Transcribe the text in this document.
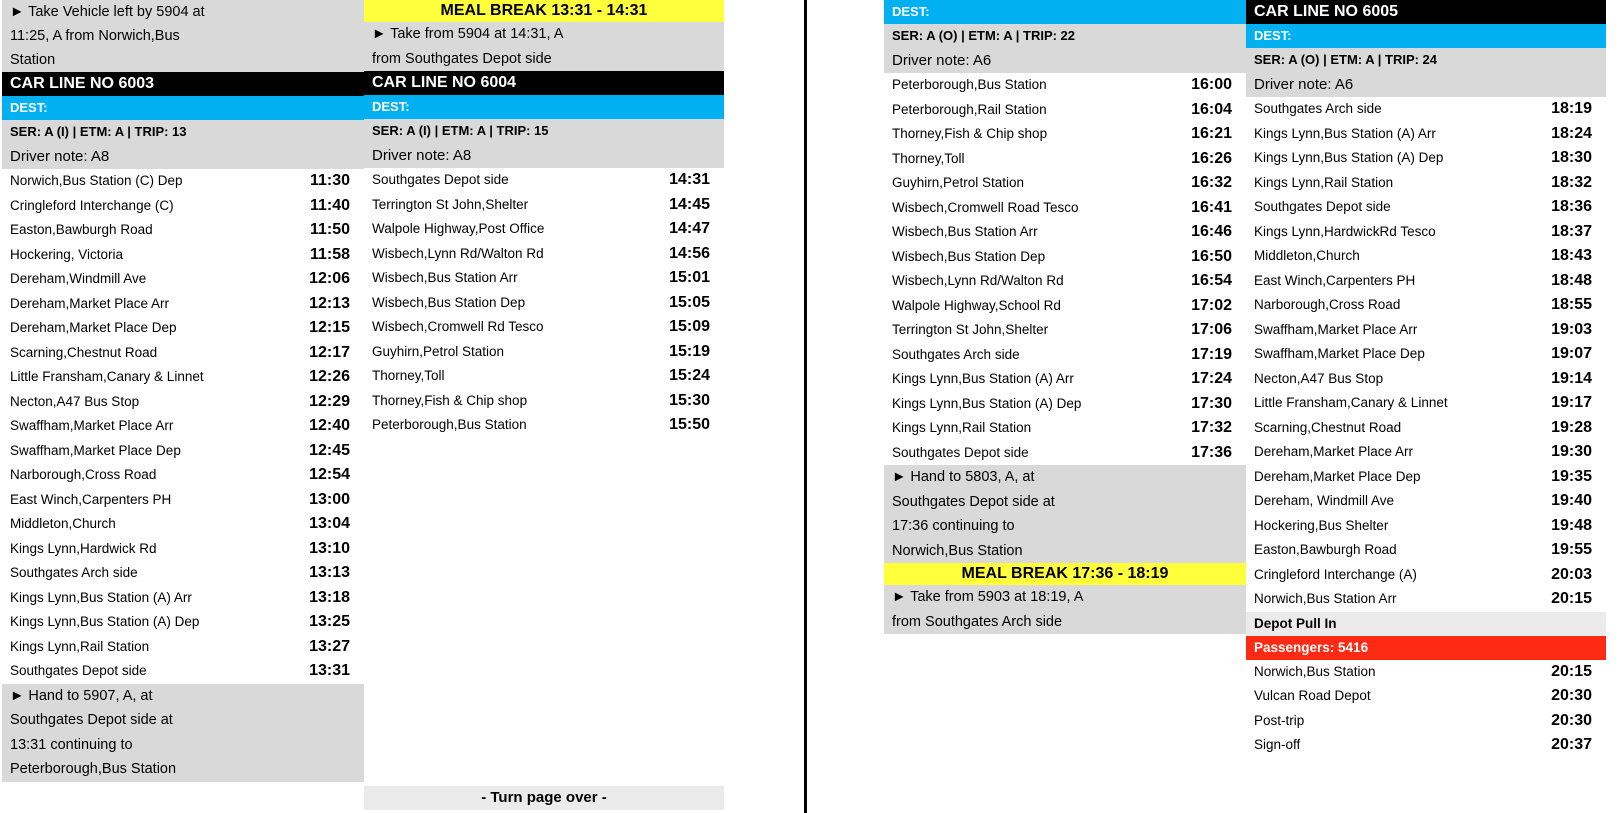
► Take Vehicle left by 5904 at
11:25, A from Norwich,Bus
Station
CAR LINE NO 6003
DEST:
SER: A (I) | ETM: A | TRIP: 13
Driver note: A8
Norwich,Bus Station (C) Dep	11:30
Cringleford Interchange (C)	11:40
Easton,Bawburgh Road	11:50
Hockering, Victoria	11:58
Dereham,Windmill Ave	12:06
Dereham,Market Place Arr	12:13
Dereham,Market Place Dep	12:15
Scarning,Chestnut Road	12:17
Little Fransham,Canary & Linnet	12:26
Necton,A47 Bus Stop	12:29
Swaffham,Market Place Arr	12:40
Swaffham,Market Place Dep	12:45
Narborough,Cross Road	12:54
East Winch,Carpenters PH	13:00
Middleton,Church	13:04
Kings Lynn,Hardwick Rd	13:10
Southgates Arch side	13:13
Kings Lynn,Bus Station (A) Arr	13:18
Kings Lynn,Bus Station (A) Dep	13:25
Kings Lynn,Rail Station	13:27
Southgates Depot side	13:31
► Hand to 5907, A, at
Southgates Depot side at
13:31 continuing to
Peterborough,Bus Station
MEAL BREAK 13:31 - 14:31
► Take from 5904 at 14:31, A
from Southgates Depot side
CAR LINE NO 6004
DEST:
SER: A (I) | ETM: A | TRIP: 15
Driver note: A8
Southgates Depot side	14:31
Terrington St John,Shelter	14:45
Walpole Highway,Post Office	14:47
Wisbech,Lynn Rd/Walton Rd	14:56
Wisbech,Bus Station Arr	15:01
Wisbech,Bus Station Dep	15:05
Wisbech,Cromwell Rd Tesco	15:09
Guyhirn,Petrol Station	15:19
Thorney,Toll	15:24
Thorney,Fish & Chip shop	15:30
Peterborough,Bus Station	15:50
- Turn page over -
DEST:
SER: A (O) | ETM: A | TRIP: 22
Driver note: A6
Peterborough,Bus Station	16:00
Peterborough,Rail Station	16:04
Thorney,Fish & Chip shop	16:21
Thorney,Toll	16:26
Guyhirn,Petrol Station	16:32
Wisbech,Cromwell Road Tesco	16:41
Wisbech,Bus Station Arr	16:46
Wisbech,Bus Station Dep	16:50
Wisbech,Lynn Rd/Walton Rd	16:54
Walpole Highway,School Rd	17:02
Terrington St John,Shelter	17:06
Southgates Arch side	17:19
Kings Lynn,Bus Station (A) Arr	17:24
Kings Lynn,Bus Station (A) Dep	17:30
Kings Lynn,Rail Station	17:32
Southgates Depot side	17:36
► Hand to 5803, A, at
Southgates Depot side at
17:36 continuing to
Norwich,Bus Station
MEAL BREAK 17:36 - 18:19
► Take from 5903 at 18:19, A
from Southgates Arch side
CAR LINE NO 6005
DEST:
SER: A (O) | ETM: A | TRIP: 24
Driver note: A6
Southgates Arch side	18:19
Kings Lynn,Bus Station (A) Arr	18:24
Kings Lynn,Bus Station (A) Dep	18:30
Kings Lynn,Rail Station	18:32
Southgates Depot side	18:36
Kings Lynn,HardwickRd Tesco	18:37
Middleton,Church	18:43
East Winch,Carpenters PH	18:48
Narborough,Cross Road	18:55
Swaffham,Market Place Arr	19:03
Swaffham,Market Place Dep	19:07
Necton,A47 Bus Stop	19:14
Little Fransham,Canary & Linnet	19:17
Scarning,Chestnut Road	19:28
Dereham,Market Place Arr	19:30
Dereham,Market Place Dep	19:35
Dereham, Windmill Ave	19:40
Hockering,Bus Shelter	19:48
Easton,Bawburgh Road	19:55
Cringleford Interchange (A)	20:03
Norwich,Bus Station Arr	20:15
Depot Pull In
Passengers: 5416
Norwich,Bus Station	20:15
Vulcan Road Depot	20:30
Post-trip	20:30
Sign-off	20:37
